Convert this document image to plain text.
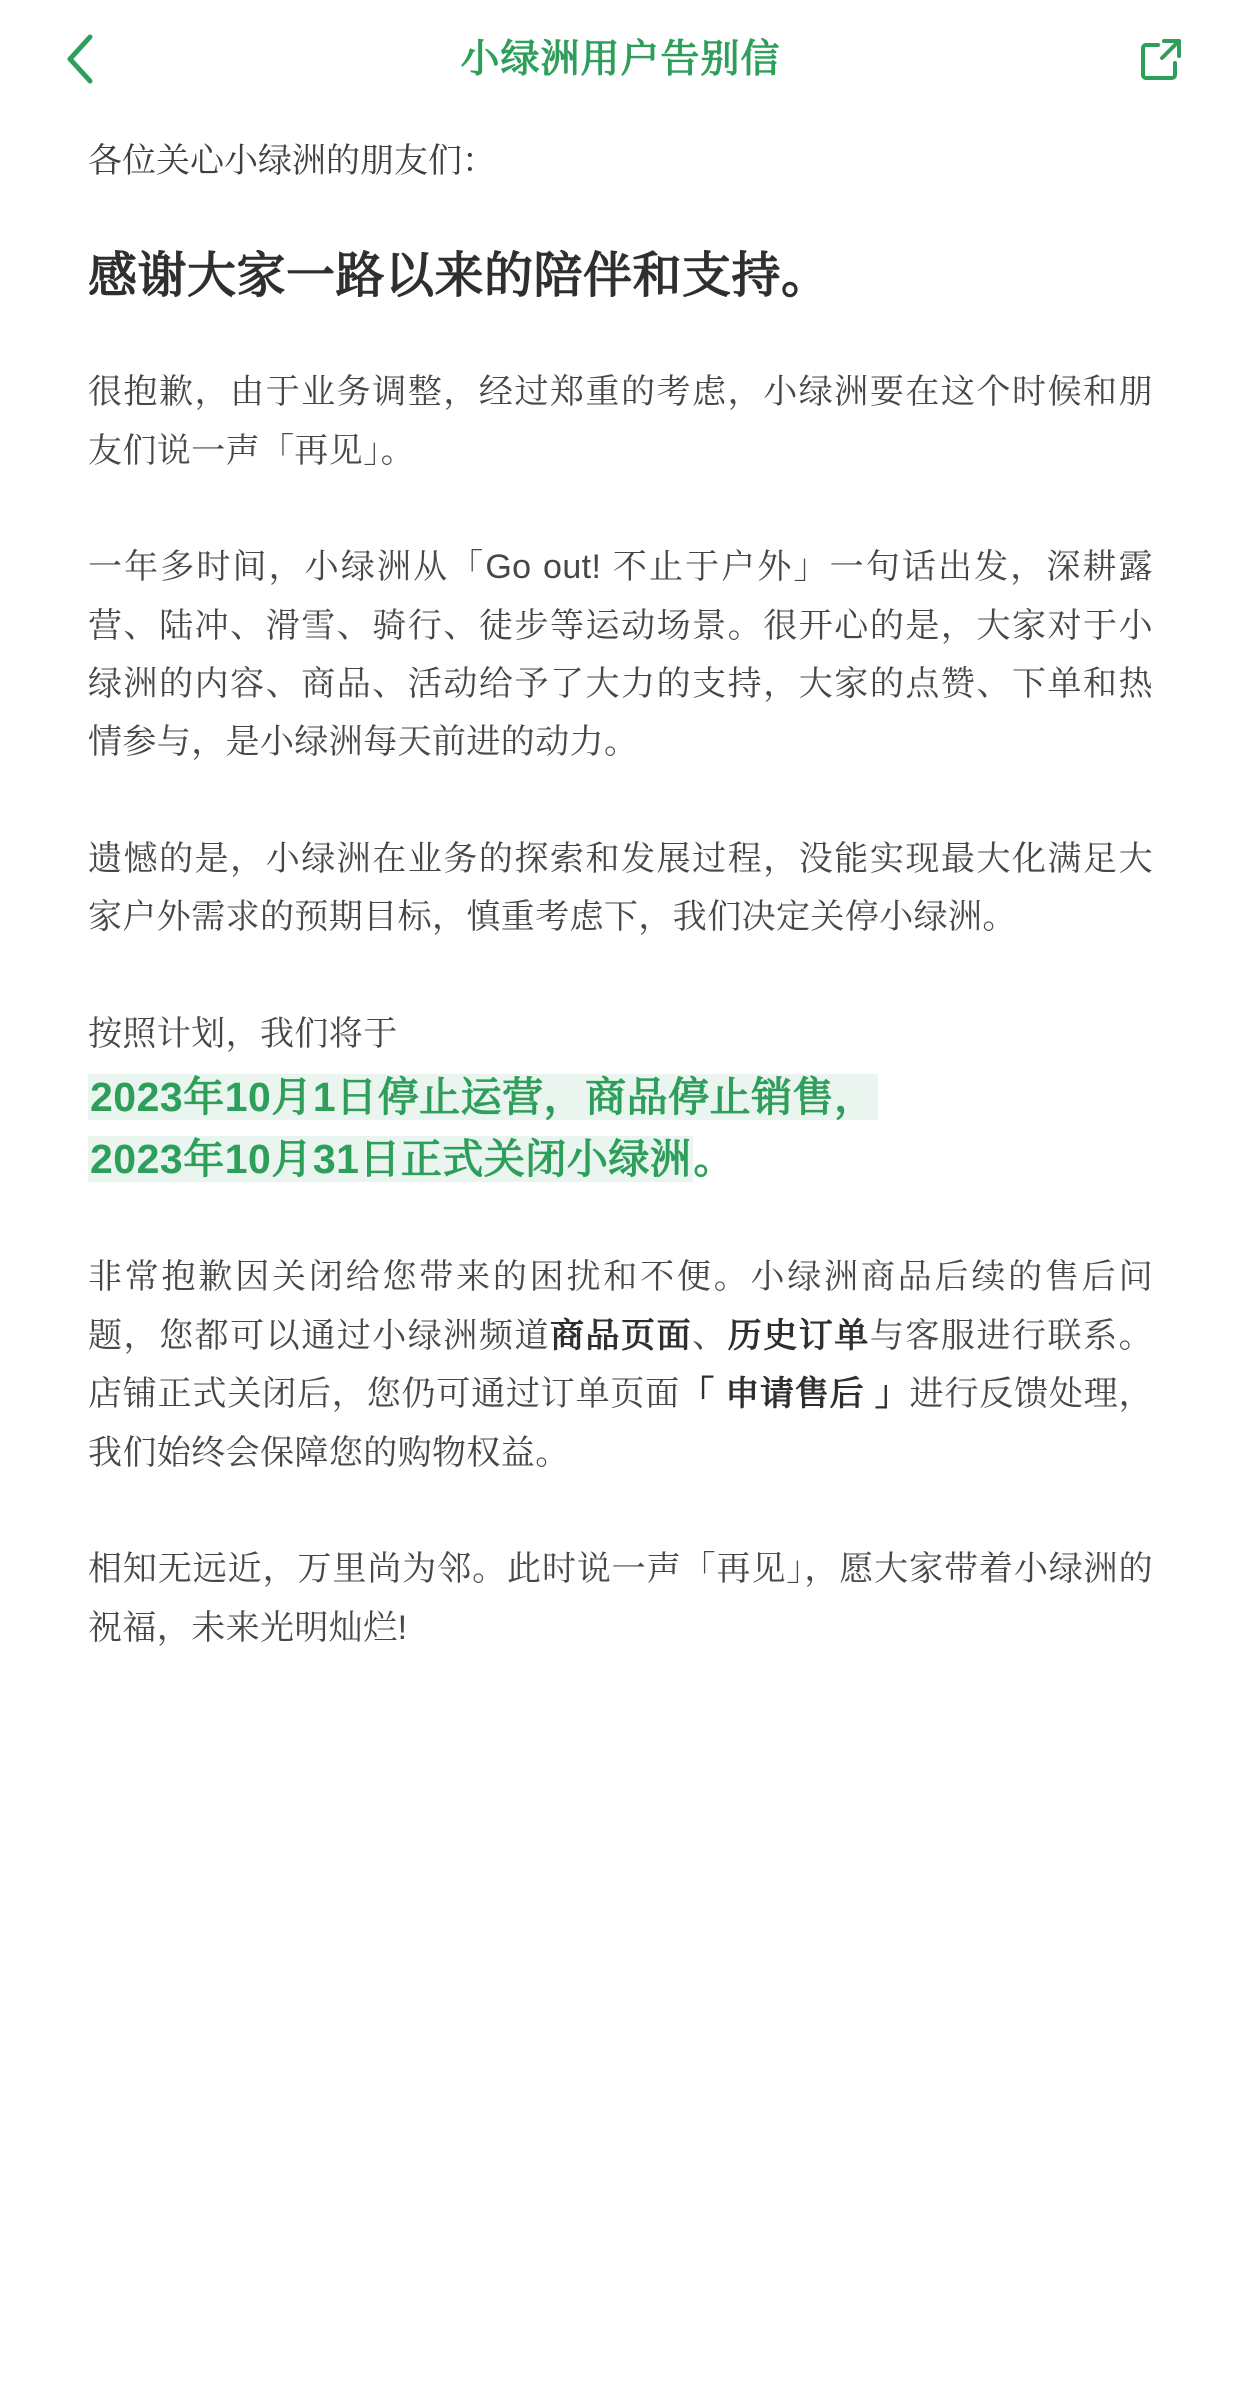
小绿洲用户告别信

各位关心小绿洲的朋友们：

感谢大家一路以来的陪伴和支持。

很抱歉，由于业务调整，经过郑重的考虑，小绿洲要在这个时候和朋友们说一声「再见」。

一年多时间，小绿洲从「Go out! 不止于户外」一句话出发，深耕露营、陆冲、滑雪、骑行、徒步等运动场景。很开心的是，大家对于小绿洲的内容、商品、活动给予了大力的支持，大家的点赞、下单和热情参与，是小绿洲每天前进的动力。

遗憾的是，小绿洲在业务的探索和发展过程，没能实现最大化满足大家户外需求的预期目标，慎重考虑下，我们决定关停小绿洲。

按照计划，我们将于

2023年10月1日停止运营，商品停止销售，
2023年10月31日正式关闭小绿洲。

非常抱歉因关闭给您带来的困扰和不便。小绿洲商品后续的售后问题，您都可以通过小绿洲频道商品页面、历史订单与客服进行联系。店铺正式关闭后，您仍可通过订单页面「 申请售后 」进行反馈处理，我们始终会保障您的购物权益。

相知无远近，万里尚为邻。此时说一声「再见」，愿大家带着小绿洲的祝福，未来光明灿烂!
